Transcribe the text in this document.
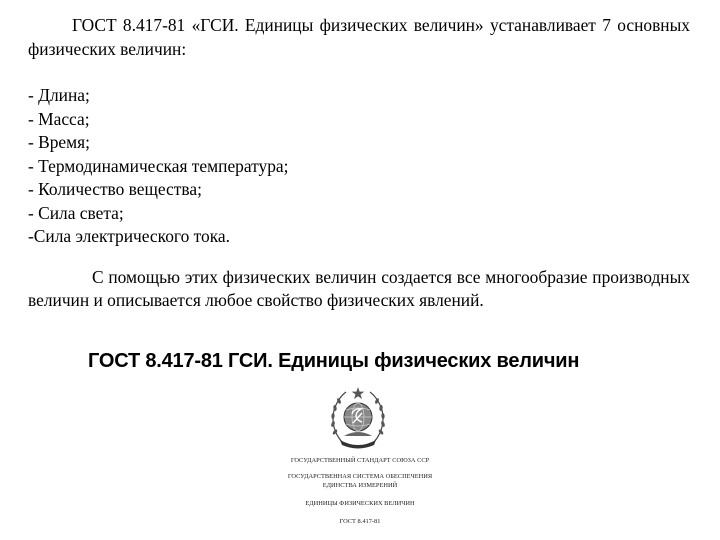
ГОСТ 8.417-81 «ГСИ. Единицы физических величин» устанавливает 7 основных физических величин:

- Длина;
- Масса;
- Время;
- Термодинамическая температура;
- Количество вещества;
- Сила света;
-Сила электрического тока.

С помощью этих физических величин создается все многообразие производных величин и описывается любое свойство физических явлений.

ГОСТ 8.417-81 ГСИ. Единицы физических величин
ГОСУДАРСТВЕННЫЙ СТАНДАРТ СОЮЗА ССР
ГОСУДАРСТВЕННАЯ СИСТЕМА ОБЕСПЕЧЕНИЯ
ЕДИНСТВА ИЗМЕРЕНИЙ
ЕДИНИЦЫ ФИЗИЧЕСКИХ ВЕЛИЧИН
ГОСТ 8.417-81
